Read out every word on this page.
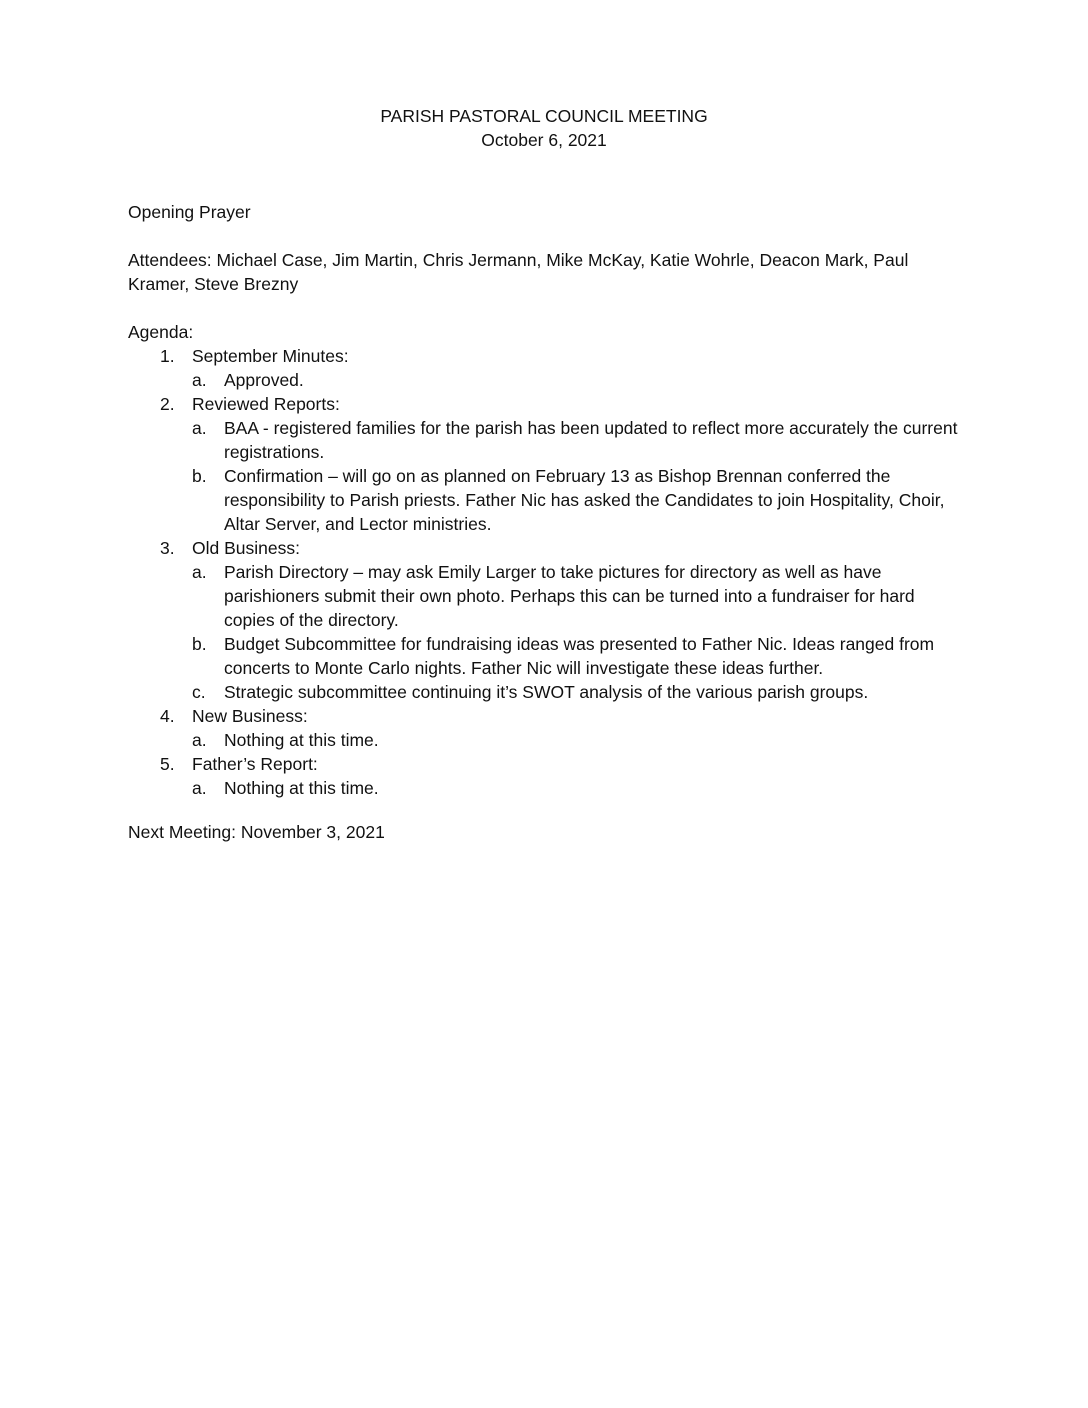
PARISH PASTORAL COUNCIL MEETING
October 6, 2021
Opening Prayer
Attendees: Michael Case, Jim Martin, Chris Jermann, Mike McKay, Katie Wohrle, Deacon Mark, Paul Kramer, Steve Brezny
Agenda:
1. September Minutes:
a. Approved.
2. Reviewed Reports:
a. BAA - registered families for the parish has been updated to reflect more accurately the current registrations.
b. Confirmation – will go on as planned on February 13 as Bishop Brennan conferred the responsibility to Parish priests. Father Nic has asked the Candidates to join Hospitality, Choir, Altar Server, and Lector ministries.
3. Old Business:
a. Parish Directory – may ask Emily Larger to take pictures for directory as well as have parishioners submit their own photo. Perhaps this can be turned into a fundraiser for hard copies of the directory.
b. Budget Subcommittee for fundraising ideas was presented to Father Nic. Ideas ranged from concerts to Monte Carlo nights. Father Nic will investigate these ideas further.
c.	Strategic subcommittee continuing it’s SWOT analysis of the various parish groups.
4. New Business:
a. Nothing at this time.
5. Father’s Report:
a. Nothing at this time.
Next Meeting: November 3, 2021
